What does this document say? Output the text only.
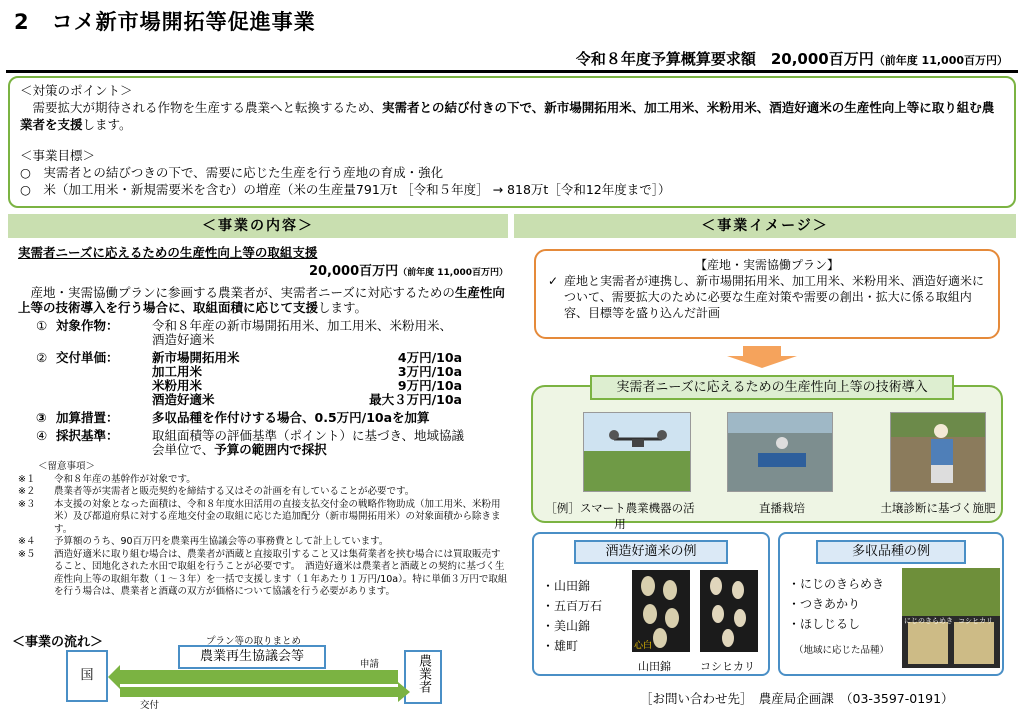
2　コメ新市場開拓等促進事業
令和８年度予算概算要求額　20,000百万円（前年度 11,000百万円）
＜対策のポイント＞
需要拡大が期待される作物を生産する農業へと転換するため、実需者との結び付きの下で、新市場開拓用米、加工用米、米粉用米、酒造好適米の生産性向上等に取り組む農業者を支援します。
＜事業目標＞
○　実需者との結びつきの下で、需要に応じた生産を行う産地の育成・強化
○　米（加工用米・新規需要米を含む）の増産（米の生産量791万t ［令和５年度］ → 818万t［令和12年度まで］）
＜事業の内容＞	＜事業イメージ＞
実需者ニーズに応えるための生産性向上等の取組支援
20,000百万円（前年度 11,000百万円）
産地・実需協働プランに参画する農業者が、実需者ニーズに対応するための生産性向上等の技術導入を行う場合に、取組面積に応じて支援します。
① 対象作物：	令和８年産の新市場開拓用米、加工用米、米粉用米、酒造好適米
② 交付単価：	新市場開拓用米	4万円/10a
加工用米	3万円/10a
米粉用米	9万円/10a
酒造好適米	最大３万円/10a
③ 加算措置：	多収品種を作付けする場合、0.5万円/10aを加算
④ 採択基準：	取組面積等の評価基準（ポイント）に基づき、地域協議会単位で、予算の範囲内で採択
＜留意事項＞
※１	令和８年産の基幹作が対象です。
※２	農業者等が実需者と販売契約を締結する又はその計画を有していることが必要です。
※３	本支援の対象となった面積は、令和８年度水田活用の直接支払交付金の戦略作物助成（加工用米、米粉用米）及び都道府県に対する産地交付金の取組に応じた追加配分（新市場開拓用米）の対象面積から除きます。
※４	予算額のうち、90百万円を農業再生協議会等の事務費として計上しています。
※５	酒造好適米に取り組む場合は、農業者が酒蔵と直接取引すること又は集荷業者を挟む場合には買取販売すること、団地化された水田で取組を行うことが必要です。　酒造好適米は農業者と酒蔵との契約に基づく生産性向上等の取組年数（１～３年）を一括で支援します（１年あたり１万円/10a）。特に単価３万円で取組を行う場合は、農業者と酒蔵の双方が価格について協議を行う必要があります。
＜事業の流れ＞	プラン等の取りまとめ
国
農業再生協議会等	農業者
申請
交付
【産地・実需協働プラン】
✓ 産地と実需者が連携し、新市場開拓用米、加工用米、米粉用米、酒造好適米について、需要拡大のために必要な生産対策や需要の創出・拡大に係る取組内容、目標等を盛り込んだ計画
実需者ニーズに応えるための生産性向上等の技術導入
［例］スマート農業機器の活用
直播栽培	土壌診断に基づく施肥
酒造好適米の例
・山田錦
・五百万石
・美山錦
・雄町	心白
山田錦	コシヒカリ
多収品種の例
・にじのきらめき
・つきあかり
・ほしじるし
（地域に応じた品種）
にじのきらめき コシヒカリ
［お問い合わせ先］　農産局企画課　（03-3597-0191）
